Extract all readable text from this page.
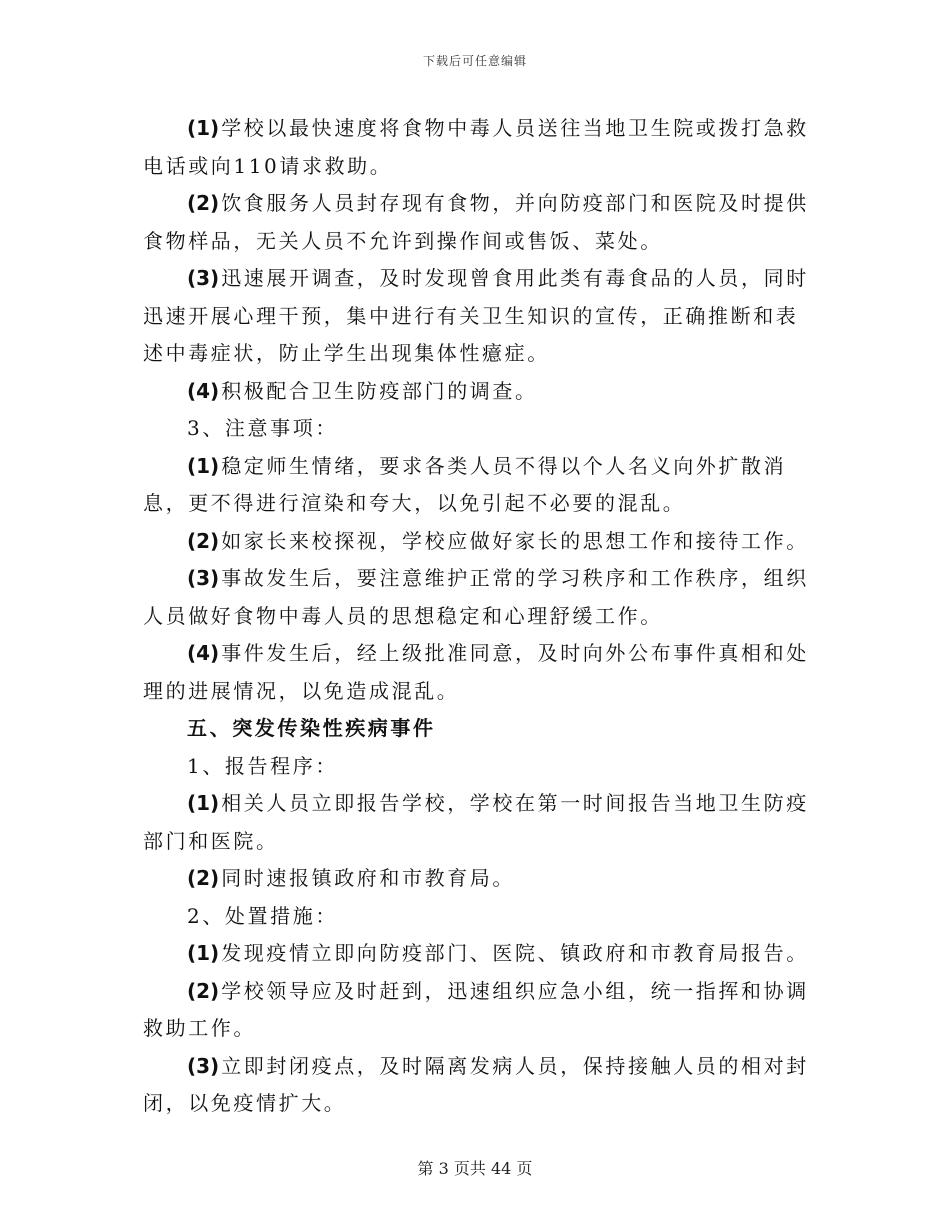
下载后可任意编辑

(1) 学校以最快速度将食物中毒人员送往当地卫生院或拨打急救电话或向110请求救助。

(2) 饮食服务人员封存现有食物，并向防疫部门和医院及时提供食物样品，无关人员不允许到操作间或售饭、菜处。

(3) 迅速展开调查，及时发现曾食用此类有毒食品的人员，同时迅速开展心理干预，集中进行有关卫生知识的宣传，正确推断和表述中毒症状，防止学生出现集体性癔症。

(4) 积极配合卫生防疫部门的调查。

3、注意事项：

(1) 稳定师生情绪，要求各类人员不得以个人名义向外扩散消息，更不得进行渲染和夸大，以免引起不必要的混乱。

(2) 如家长来校探视，学校应做好家长的思想工作和接待工作。

(3) 事故发生后，要注意维护正常的学习秩序和工作秩序，组织人员做好食物中毒人员的思想稳定和心理舒缓工作。

(4) 事件发生后，经上级批准同意，及时向外公布事件真相和处理的进展情况，以免造成混乱。

五、突发传染性疾病事件

1、报告程序：

(1) 相关人员立即报告学校，学校在第一时间报告当地卫生防疫部门和医院。

(2) 同时速报镇政府和市教育局。

2、处置措施：

(1) 发现疫情立即向防疫部门、医院、镇政府和市教育局报告。

(2) 学校领导应及时赶到，迅速组织应急小组，统一指挥和协调救助工作。

(3) 立即封闭疫点，及时隔离发病人员，保持接触人员的相对封闭，以免疫情扩大。

第 3 页共 44 页
